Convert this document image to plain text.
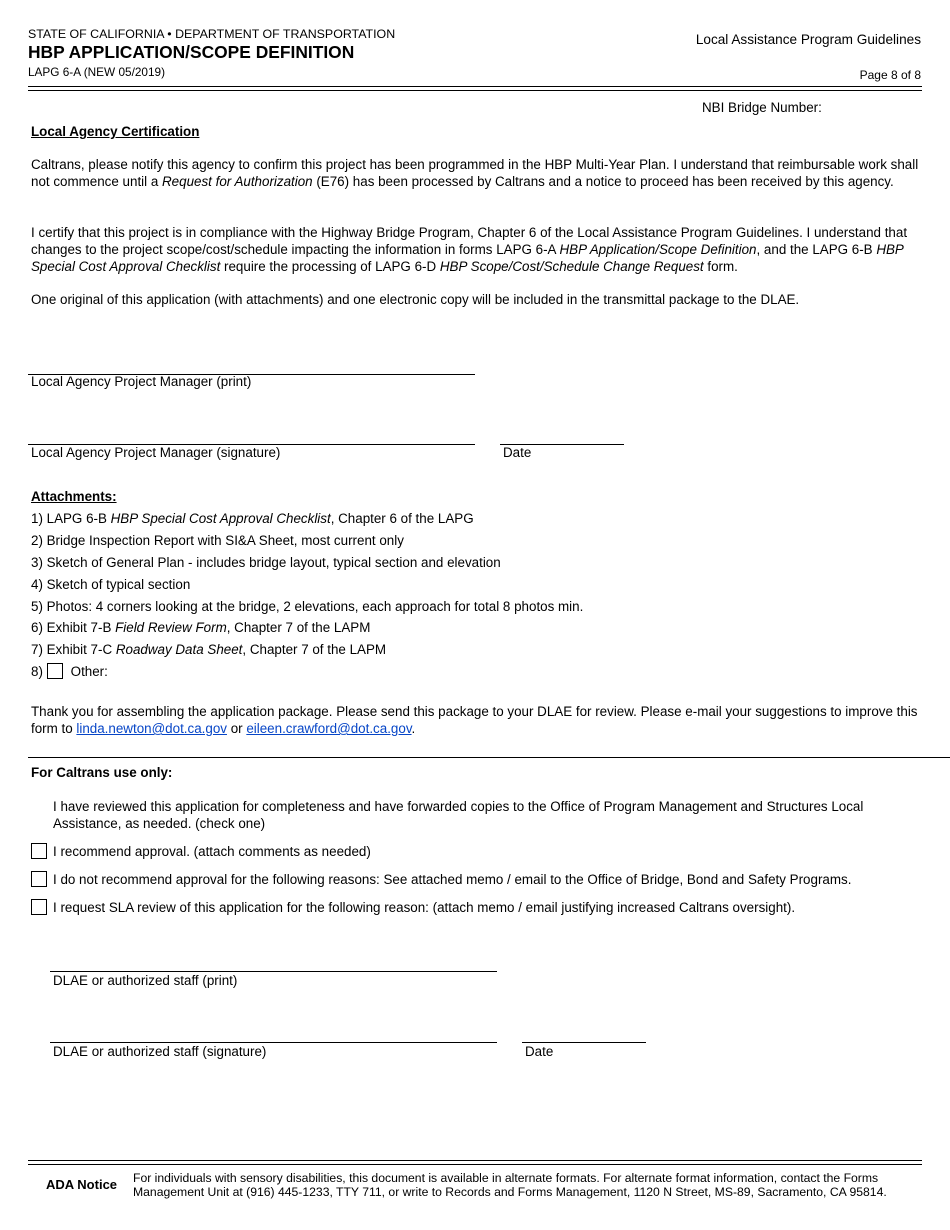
STATE OF CALIFORNIA • DEPARTMENT OF TRANSPORTATION
HBP APPLICATION/SCOPE DEFINITION
LAPG 6-A (NEW 05/2019)
Local Assistance Program Guidelines
Page 8 of 8
NBI Bridge Number:
Local Agency Certification
Caltrans, please notify this agency to confirm this project has been programmed in the HBP Multi-Year Plan. I understand that reimbursable work shall not commence until a Request for Authorization (E76) has been processed by Caltrans and a notice to proceed has been received by this agency.
I certify that this project is in compliance with the Highway Bridge Program, Chapter 6 of the Local Assistance Program Guidelines. I understand that changes to the project scope/cost/schedule impacting the information in forms LAPG 6-A HBP Application/Scope Definition, and the LAPG 6-B HBP Special Cost Approval Checklist require the processing of LAPG 6-D HBP Scope/Cost/Schedule Change Request form.
One original of this application (with attachments) and one electronic copy will be included in the transmittal package to the DLAE.
Local Agency Project Manager (print)
Local Agency Project Manager (signature)	Date
Attachments:
1) LAPG 6-B HBP Special Cost Approval Checklist, Chapter 6 of the LAPG
2) Bridge Inspection Report with SI&A Sheet, most current only
3) Sketch of General Plan - includes bridge layout, typical section and elevation
4) Sketch of typical section
5) Photos: 4 corners looking at the bridge, 2 elevations, each approach for total 8 photos min.
6) Exhibit 7-B Field Review Form, Chapter 7 of the LAPM
7) Exhibit 7-C Roadway Data Sheet, Chapter 7 of the LAPM
8) Other:
Thank you for assembling the application package. Please send this package to your DLAE for review. Please e-mail your suggestions to improve this form to linda.newton@dot.ca.gov or eileen.crawford@dot.ca.gov.
For Caltrans use only:
I have reviewed this application for completeness and have forwarded copies to the Office of Program Management and Structures Local Assistance, as needed. (check one)
I recommend approval. (attach comments as needed)
I do not recommend approval for the following reasons: See attached memo / email to the Office of Bridge, Bond and Safety Programs.
I request SLA review of this application for the following reason: (attach memo / email justifying increased Caltrans oversight).
DLAE or authorized staff (print)
DLAE or authorized staff (signature)	Date
ADA Notice For individuals with sensory disabilities, this document is available in alternate formats. For alternate format information, contact the Forms Management Unit at (916) 445-1233, TTY 711, or write to Records and Forms Management, 1120 N Street, MS-89, Sacramento, CA 95814.
